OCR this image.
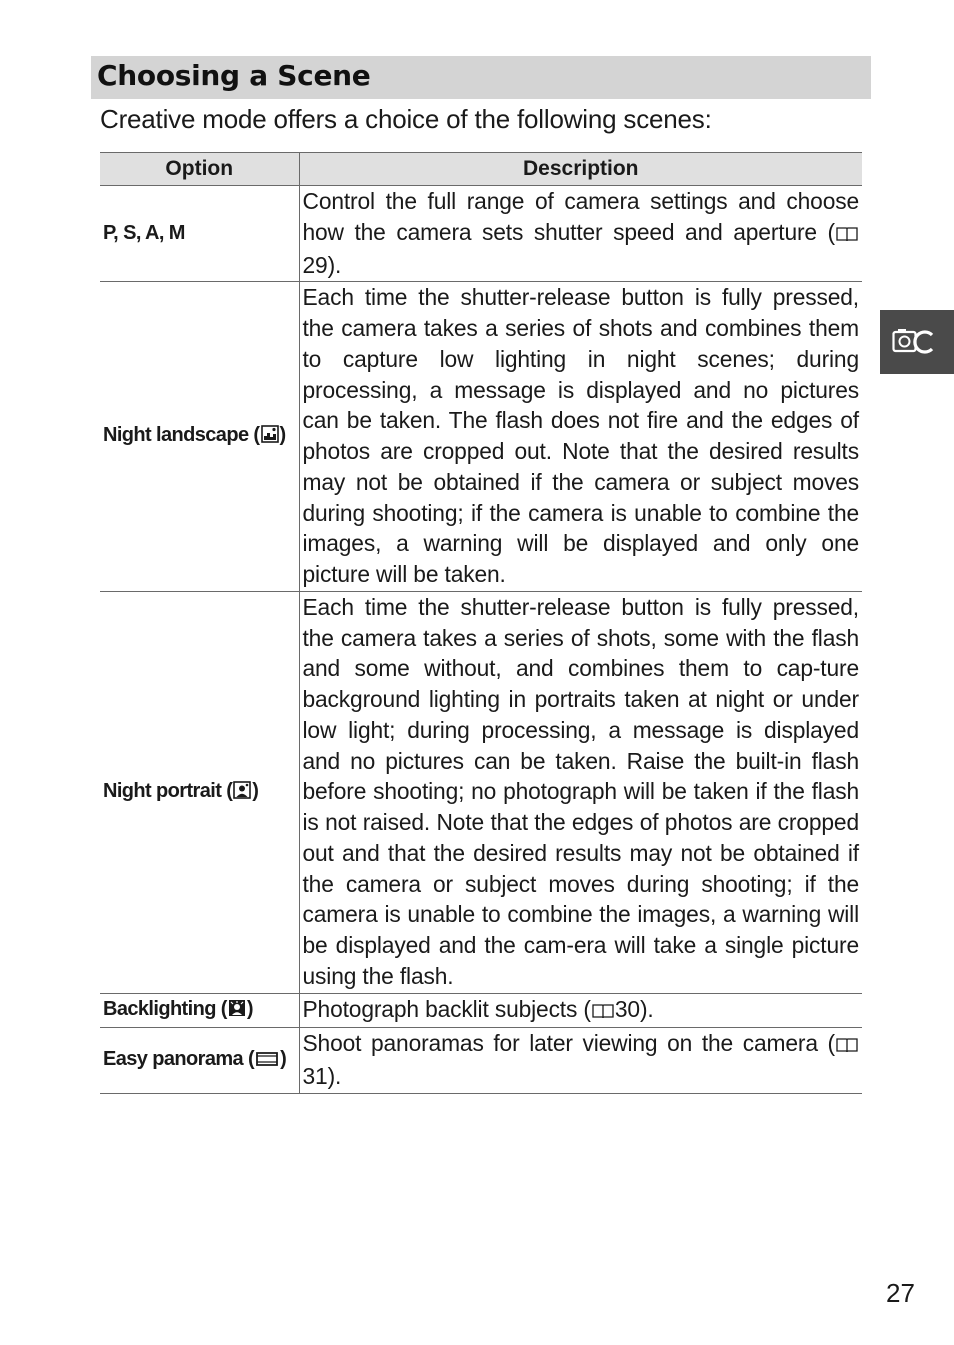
Choosing a Scene
Creative mode offers a choice of the following scenes:
Option	Description
P, S, A, M	Control the full range of camera settings and choose how the camera sets shutter speed and aperture (29).
Night landscape ( )	Each time the shutter-release button is fully pressed, the camera takes a series of shots and combines them to capture low lighting in night scenes; during processing, a message is displayed and no pictures can be taken. The flash does not fire and the edges of photos are cropped out. Note that the desired results may not be obtained if the camera or subject moves during shooting; if the camera is unable to combine the images, a warning will be displayed and only one picture will be taken.
Night portrait ( )	Each time the shutter-release button is fully pressed, the camera takes a series of shots, some with the flash and some without, and combines them to cap-ture background lighting in portraits taken at night or under low light; during processing, a message is displayed and no pictures can be taken. Raise the built-in flash before shooting; no photograph will be taken if the flash is not raised. Note that the edges of photos are cropped out and that the desired results may not be obtained if the camera or subject moves during shooting; if the camera is unable to combine the images, a warning will be displayed and the cam-era will take a single picture using the flash.
Backlighting ( )	Photograph backlit subjects ( 30).
Easy panorama ( )	Shoot panoramas for later viewing on the camera (31).
27
